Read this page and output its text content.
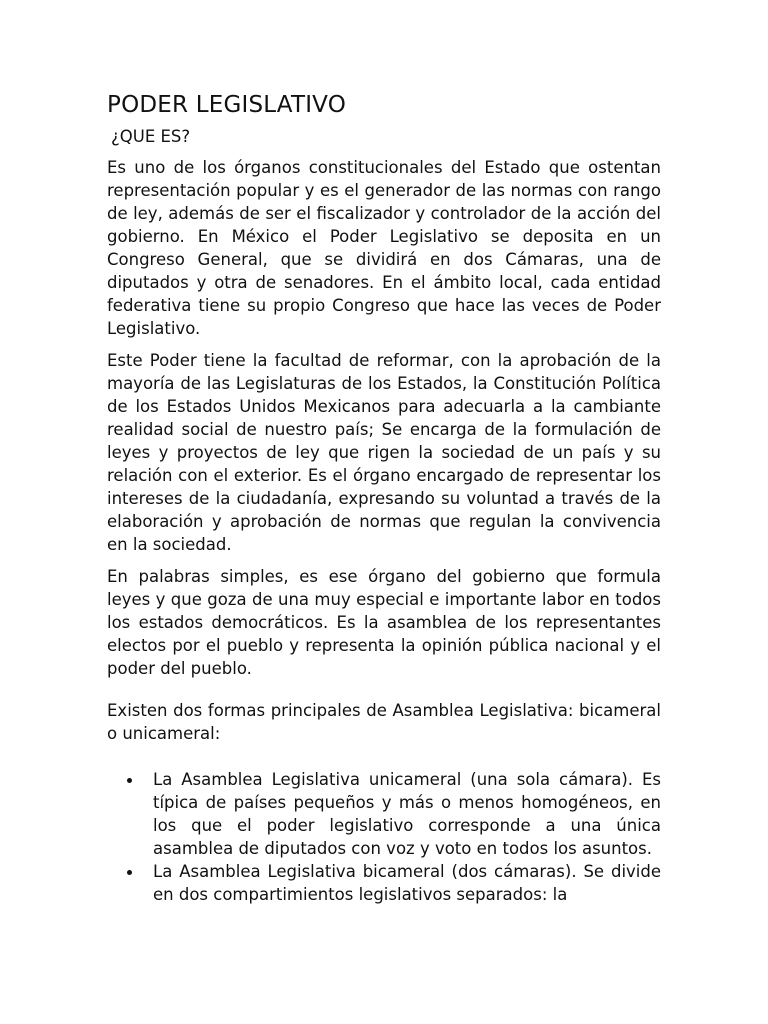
PODER LEGISLATIVO
¿QUE ES?

Es uno de los órganos constitucionales del Estado que ostentan representación popular y es el generador de las normas con rango de ley, además de ser el fiscalizador y controlador de la acción del gobierno. En México el Poder Legislativo se deposita en un Congreso General, que se dividirá en dos Cámaras, una de diputados y otra de senadores. En el ámbito local, cada entidad federativa tiene su propio Congreso que hace las veces de Poder Legislativo.

Este Poder tiene la facultad de reformar, con la aprobación de la mayoría de las Legislaturas de los Estados, la Constitución Política de los Estados Unidos Mexicanos para adecuarla a la cambiante realidad social de nuestro país; Se encarga de la formulación de leyes y proyectos de ley que rigen la sociedad de un país y su relación con el exterior. Es el órgano encargado de representar los intereses de la ciudadanía, expresando su voluntad a través de la elaboración y aprobación de normas que regulan la convivencia en la sociedad.

En palabras simples, es ese órgano del gobierno que formula leyes y que goza de una muy especial e importante labor en todos los estados democráticos. Es la asamblea de los representantes electos por el pueblo y representa la opinión pública nacional y el poder del pueblo.

Existen dos formas principales de Asamblea Legislativa: bicameral o unicameral:

La Asamblea Legislativa unicameral (una sola cámara). Es típica de países pequeños y más o menos homogéneos, en los que el poder legislativo corresponde a una única asamblea de diputados con voz y voto en todos los asuntos.
La Asamblea Legislativa bicameral (dos cámaras). Se divide en dos compartimientos legislativos separados: la
